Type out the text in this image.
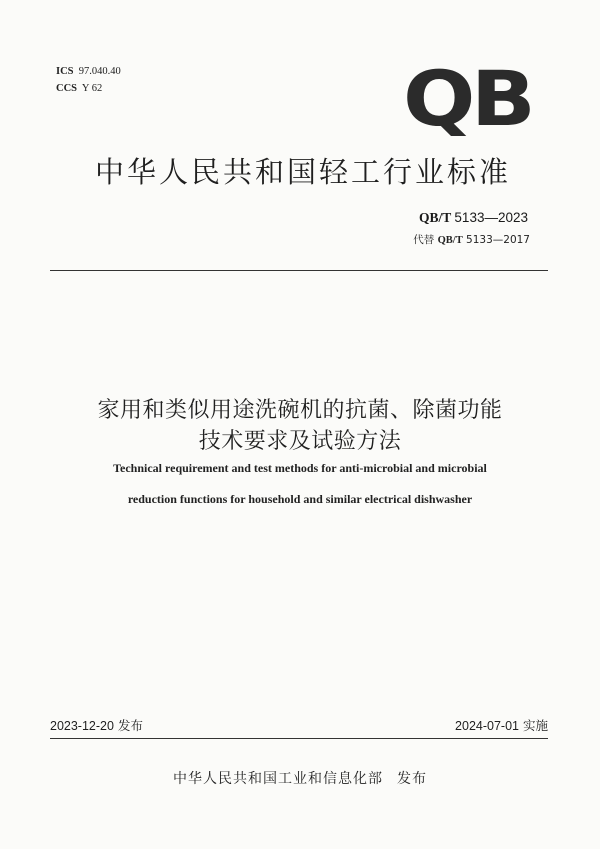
ICS 97.040.40
CCS Y 62	QB
中华人民共和国轻工行业标准
QB/T 5133—2023
代替 QB/T 5133—2017
家用和类似用途洗碗机的抗菌、除菌功能
技术要求及试验方法
Technical requirement and test methods for anti-microbial and microbial
reduction functions for household and similar electrical dishwasher
2023-12-20 发布	2024-07-01 实施
中华人民共和国工业和信息化部 发布
